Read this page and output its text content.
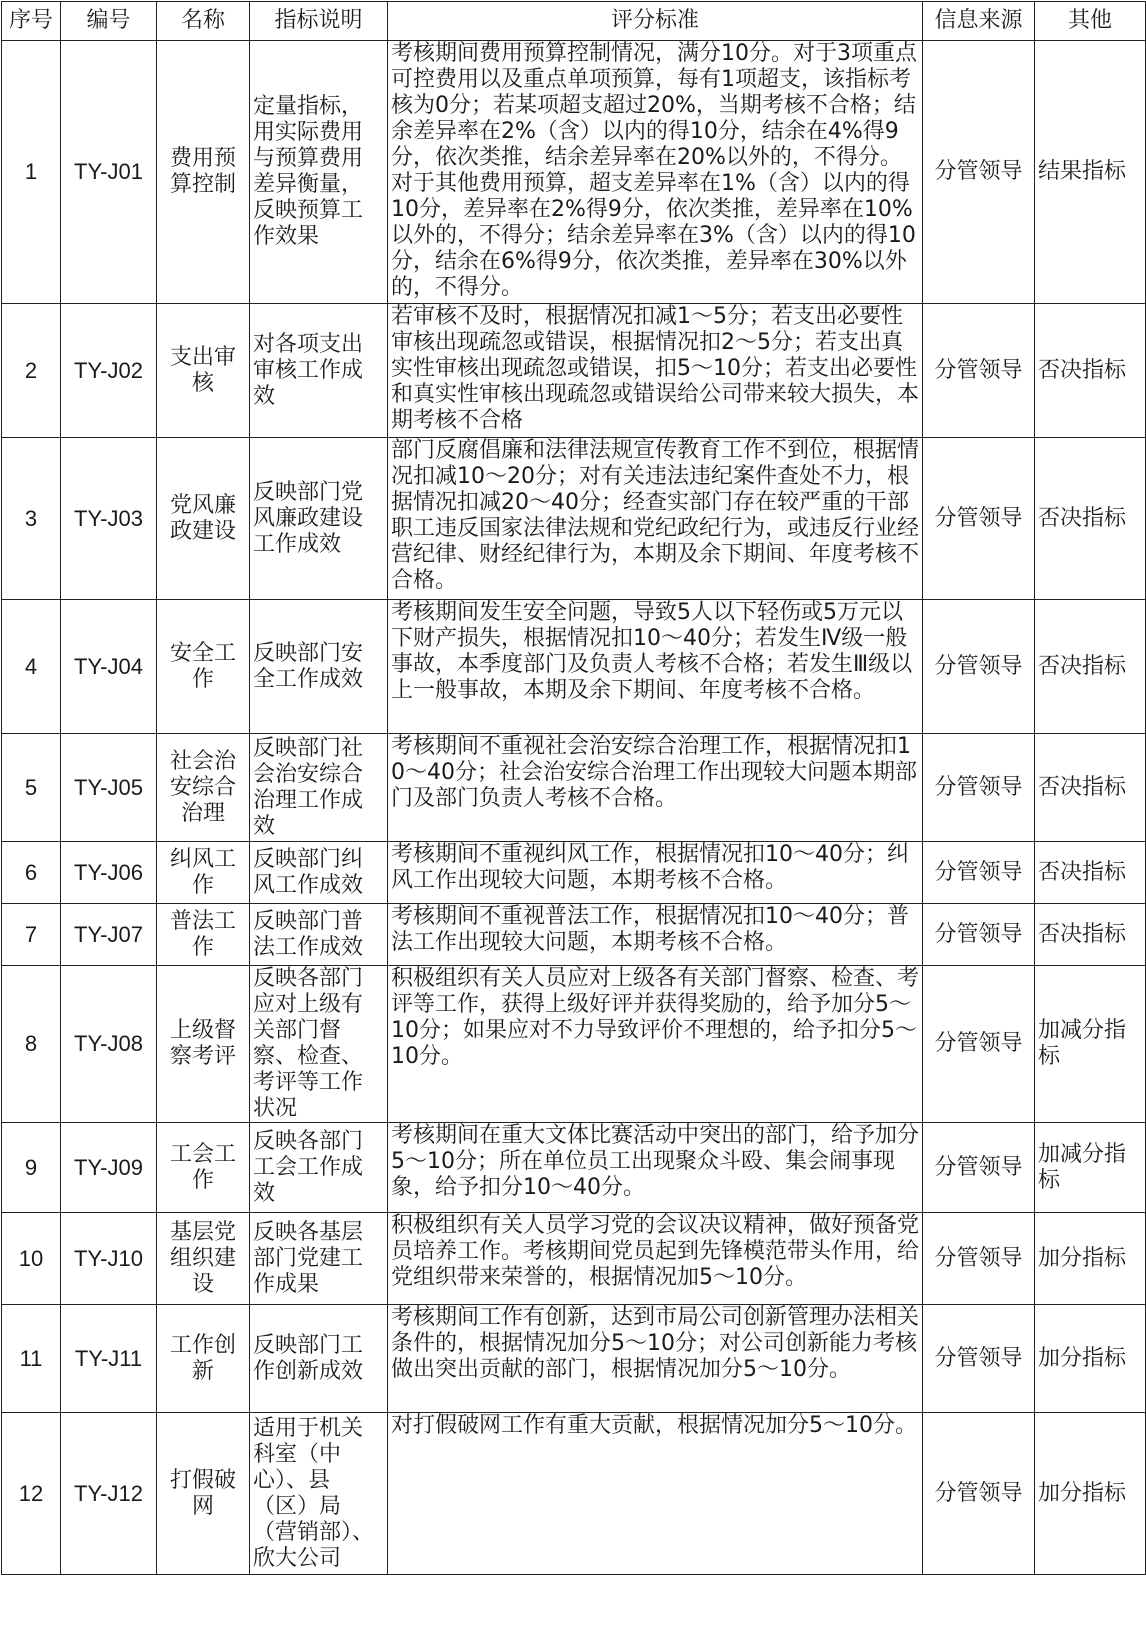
序号	编号	名称	指标说明	评分标准	信息来源	其他
1	TY-J01	费用预算控制	定量指标，用实际费用与预算费用差异衡量，反映预算工作效果	考核期间费用预算控制情况，满分10分。对于3项重点可控费用以及重点单项预算，每有1项超支，该指标考核为0分；若某项超支超过20%，当期考核不合格；结余差异率在2%（含）以内的得10分，结余在4%得9分，依次类推，结余差异率在20%以外的，不得分。对于其他费用预算，超支差异率在1%（含）以内的得10分，差异率在2%得9分，依次类推，差异率在10%以外的，不得分；结余差异率在3%（含）以内的得10分，结余在6%得9分，依次类推，差异率在30%以外的，不得分。	分管领导	结果指标
2	TY-J02	支出审核	对各项支出审核工作成效	若审核不及时，根据情况扣减1～5分；若支出必要性审核出现疏忽或错误，根据情况扣2～5分；若支出真实性审核出现疏忽或错误，扣5～10分；若支出必要性和真实性审核出现疏忽或错误给公司带来较大损失，本期考核不合格	分管领导	否决指标
3	TY-J03	党风廉政建设	反映部门党风廉政建设工作成效	部门反腐倡廉和法律法规宣传教育工作不到位，根据情况扣减10～20分；对有关违法违纪案件查处不力，根据情况扣减20～40分；经查实部门存在较严重的干部职工违反国家法律法规和党纪政纪行为，或违反行业经营纪律、财经纪律行为，本期及余下期间、年度考核不合格。	分管领导	否决指标
4	TY-J04	安全工作	反映部门安全工作成效	考核期间发生安全问题，导致5人以下轻伤或5万元以下财产损失，根据情况扣10～40分；若发生Ⅳ级一般事故，本季度部门及负责人考核不合格；若发生Ⅲ级以上一般事故，本期及余下期间、年度考核不合格。	分管领导	否决指标
5	TY-J05	社会治安综合治理	反映部门社会治安综合治理工作成效	考核期间不重视社会治安综合治理工作，根据情况扣10～40分；社会治安综合治理工作出现较大问题本期部门及部门负责人考核不合格。	分管领导	否决指标
6	TY-J06	纠风工作	反映部门纠风工作成效	考核期间不重视纠风工作，根据情况扣10～40分；纠风工作出现较大问题，本期考核不合格。	分管领导	否决指标
7	TY-J07	普法工作	反映部门普法工作成效	考核期间不重视普法工作，根据情况扣10～40分；普法工作出现较大问题，本期考核不合格。	分管领导	否决指标
8	TY-J08	上级督察考评	反映各部门应对上级有关部门督察、检查、考评等工作状况	积极组织有关人员应对上级各有关部门督察、检查、考评等工作，获得上级好评并获得奖励的，给予加分5～10分；如果应对不力导致评价不理想的，给予扣分5～10分。	分管领导	加减分指标
9	TY-J09	工会工作	反映各部门工会工作成效	考核期间在重大文体比赛活动中突出的部门，给予加分5～10分；所在单位员工出现聚众斗殴、集会闹事现象，给予扣分10～40分。	分管领导	加减分指标
10	TY-J10	基层党组织建设	反映各基层部门党建工作成果	积极组织有关人员学习党的会议决议精神，做好预备党员培养工作。考核期间党员起到先锋模范带头作用，给党组织带来荣誉的，根据情况加5～10分。	分管领导	加分指标
11	TY-J11	工作创新	反映部门工作创新成效	考核期间工作有创新，达到市局公司创新管理办法相关条件的，根据情况加分5～10分；对公司创新能力考核做出突出贡献的部门，根据情况加分5～10分。	分管领导	加分指标
12	TY-J12	打假破网	适用于机关科室（中心）、县（区）局（营销部）、欣大公司	对打假破网工作有重大贡献，根据情况加分5～10分。	分管领导	加分指标
